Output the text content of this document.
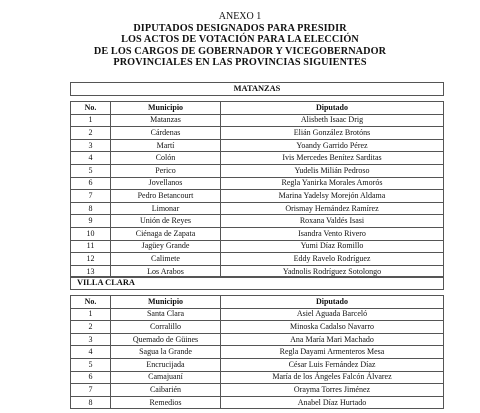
ANEXO 1
DIPUTADOS DESIGNADOS PARA PRESIDIR
LOS ACTOS DE VOTACIÓN PARA LA ELECCIÓN
DE LOS CARGOS DE GOBERNADOR Y VICEGOBERNADOR
PROVINCIALES EN LAS PROVINCIAS SIGUIENTES
MATANZAS		

No.	Municipio	Diputado
1	Matanzas	Alisbeth Isaac Drig
2	Cárdenas	Elián González Brotóns
3	Martí	Yoandy Garrido Pérez
4	Colón	Ivis Mercedes Benítez Sarditas
5	Perico	Yudelis Milián Pedroso
6	Jovellanos	Regla Yanirka Morales Amorós
7	Pedro Betancourt	Marina Yadelsy Morejón Aldama
8	Limonar	Orismay Hernández Ramírez
9	Unión de Reyes	Roxana Valdés Isasi
10	Ciénaga de Zapata	Isandra Vento Rivero
11	Jagüey Grande	Yumi Díaz Romillo
12	Calimete	Eddy Ravelo Rodríguez
13	Los Arabos	Yadnolis Rodríguez Sotolongo
VILLA CLARA		

No.	Municipio	Diputado
1	Santa Clara	Asiel Aguada Barceló
2	Corralillo	Minoska Cadalso Navarro
3	Quemado de Güines	Ana María Mari Machado
4	Sagua la Grande	Regla Dayami Armenteros Mesa
5	Encrucijada	César Luis Fernández Díaz
6	Camajuaní	María de los Ángeles Falcón Álvarez
7	Caibarién	Orayma Torres Jiménez
8	Remedios	Anabel Díaz Hurtado
